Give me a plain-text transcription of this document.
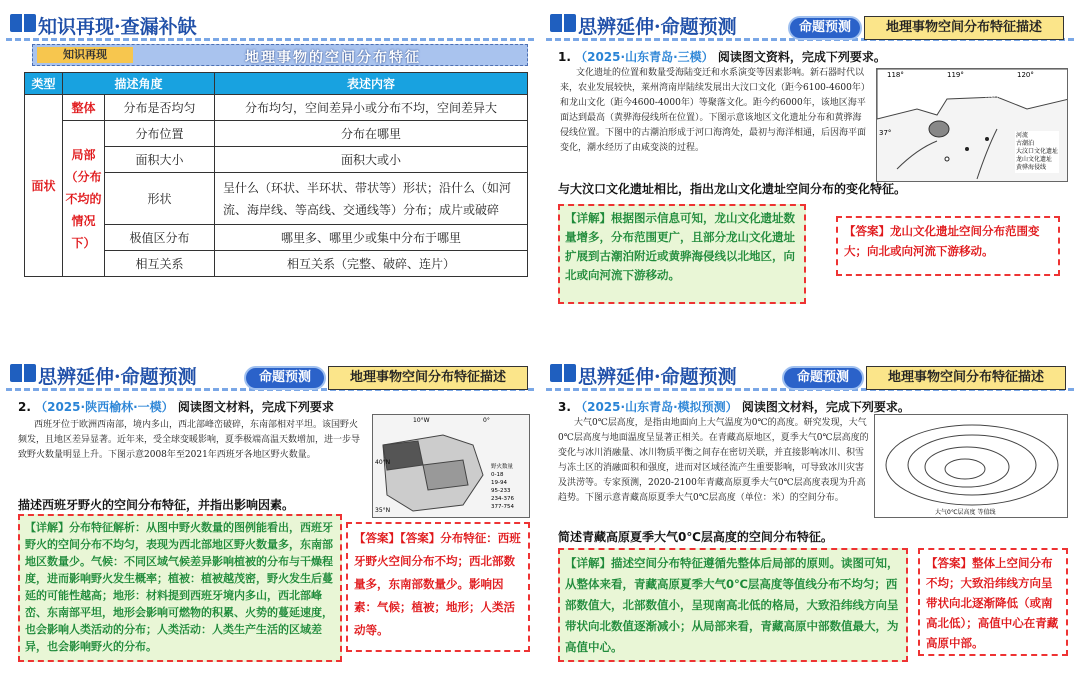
知识再现·查漏补缺
知识再现	地理事物的空间分布特征
类型	描述角度		表述内容
面状	整体	分布是否均匀	分布均匀，空间差异小或分布不均，空间差异大
	局部（分布不均的情况下）	分布位置	分布在哪里
		面积大小	面积大或小
		形状	呈什么（环状、半环状、带状等）形状；沿什么（如河流、海岸线、等高线、交通线等）分布；成片或破碎
		极值区分布	哪里多、哪里少或集中分布于哪里
		相互关系	相互关系（完整、破碎、连片）
思辨延伸·命题预测	命题预测	地理事物空间分布特征描述
1. （2025·山东青岛·三模） 阅读图文资料，完成下列要求。
文化遗址的位置和数量受海陆变迁和水系演变等因素影响。新石器时代以来，农业发展较快，莱州湾南岸陆续发展出大汶口文化（距今6100-4600年）和龙山文化（距今4600-4000年）等聚落文化。距今约6000年，该地区海平面达到最高（黄骅海侵线所在位置）。下图示意该地区文化遗址分布和黄骅海侵线位置。下图中的古潮泊形成于河口海湾处，最初与海洋相通，后因海平面变化，潮水经历了由咸变淡的过程。
118°	119°	120°
37°
莱州湾
河流
古潮泊
大汶口文化遗址
龙山文化遗址
黄骅海侵线
与大汶口文化遗址相比，指出龙山文化遗址空间分布的变化特征。
【详解】根据图示信息可知，龙山文化遗址数量增多，分布范围更广，且部分龙山文化遗址扩展到古潮泊附近或黄骅海侵线以北地区，向北或向河流下游移动。
【答案】龙山文化遗址空间分布范围变大；向北或向河流下游移动。
思辨延伸·命题预测	命题预测	地理事物空间分布特征描述
2. （2025·陕西榆林·一模） 阅读图文材料，完成下列要求
西班牙位于欧洲西南部，境内多山，西北部峰峦破碎，东南部相对平坦。该国野火频发，且地区差异显著。近年来，受全球变暖影响，夏季极端高温天数增加，进一步导致野火数量明显上升。下图示意2008年至2021年西班牙各地区野火数量。
40°N
35°N
10°W	0°
野火数量
0-18
19-94
95-233
234-376
377-754
描述西班牙野火的空间分布特征，并指出影响因素。
【详解】分布特征解析：从图中野火数量的图例能看出，西班牙野火的空间分布不均匀，表现为西北部地区野火数量多，东南部地区数量少。气候：不同区域气候差异影响植被的分布与干燥程度，进而影响野火发生概率；植被：植被越茂密，野火发生后蔓延的可能性越高；地形：材料提到西班牙境内多山，西北部峰峦、东南部平坦，地形会影响可燃物的积累、火势的蔓延速度，也会影响人类活动的分布；人类活动：人类生产生活的区域差异，也会影响野火的分布。
【答案】【答案】分布特征：西班牙野火空间分布不均；西北部数量多，东南部数量少。影响因素：气候；植被；地形；人类活动等。
思辨延伸·命题预测	命题预测	地理事物空间分布特征描述
3. （2025·山东青岛·模拟预测） 阅读图文材料，完成下列要求。
大气0℃层高度，是指由地面向上大气温度为0℃的高度。研究发现，大气0℃层高度与地面温度呈显著正相关。在青藏高原地区，夏季大气0℃层高度的变化与冰川消融量、冰川物质平衡之间存在密切关联，并直接影响冰川、积雪与冻土区的消融面积和强度，进而对区域径流产生重要影响，可导致冰川灾害及洪涝等。专家预测，2020-2100年青藏高原夏季大气0℃层高度表现为升高趋势。下图示意青藏高原夏季大气0℃层高度（单位：米）的空间分布。
大气0℃层高度 等值线
简述青藏高原夏季大气0℃层高度的空间分布特征。
【详解】描述空间分布特征遵循先整体后局部的原则。读图可知，从整体来看，青藏高原夏季大气0℃层高度等值线分布不均匀；西部数值大，北部数值小，呈现南高北低的格局，大致沿纬线方向呈带状向北数值逐渐减小；从局部来看，青藏高原中部数值最大，为高值中心。
【答案】整体上空间分布不均；大致沿纬线方向呈带状向北逐渐降低（或南高北低）；高值中心在青藏高原中部。
